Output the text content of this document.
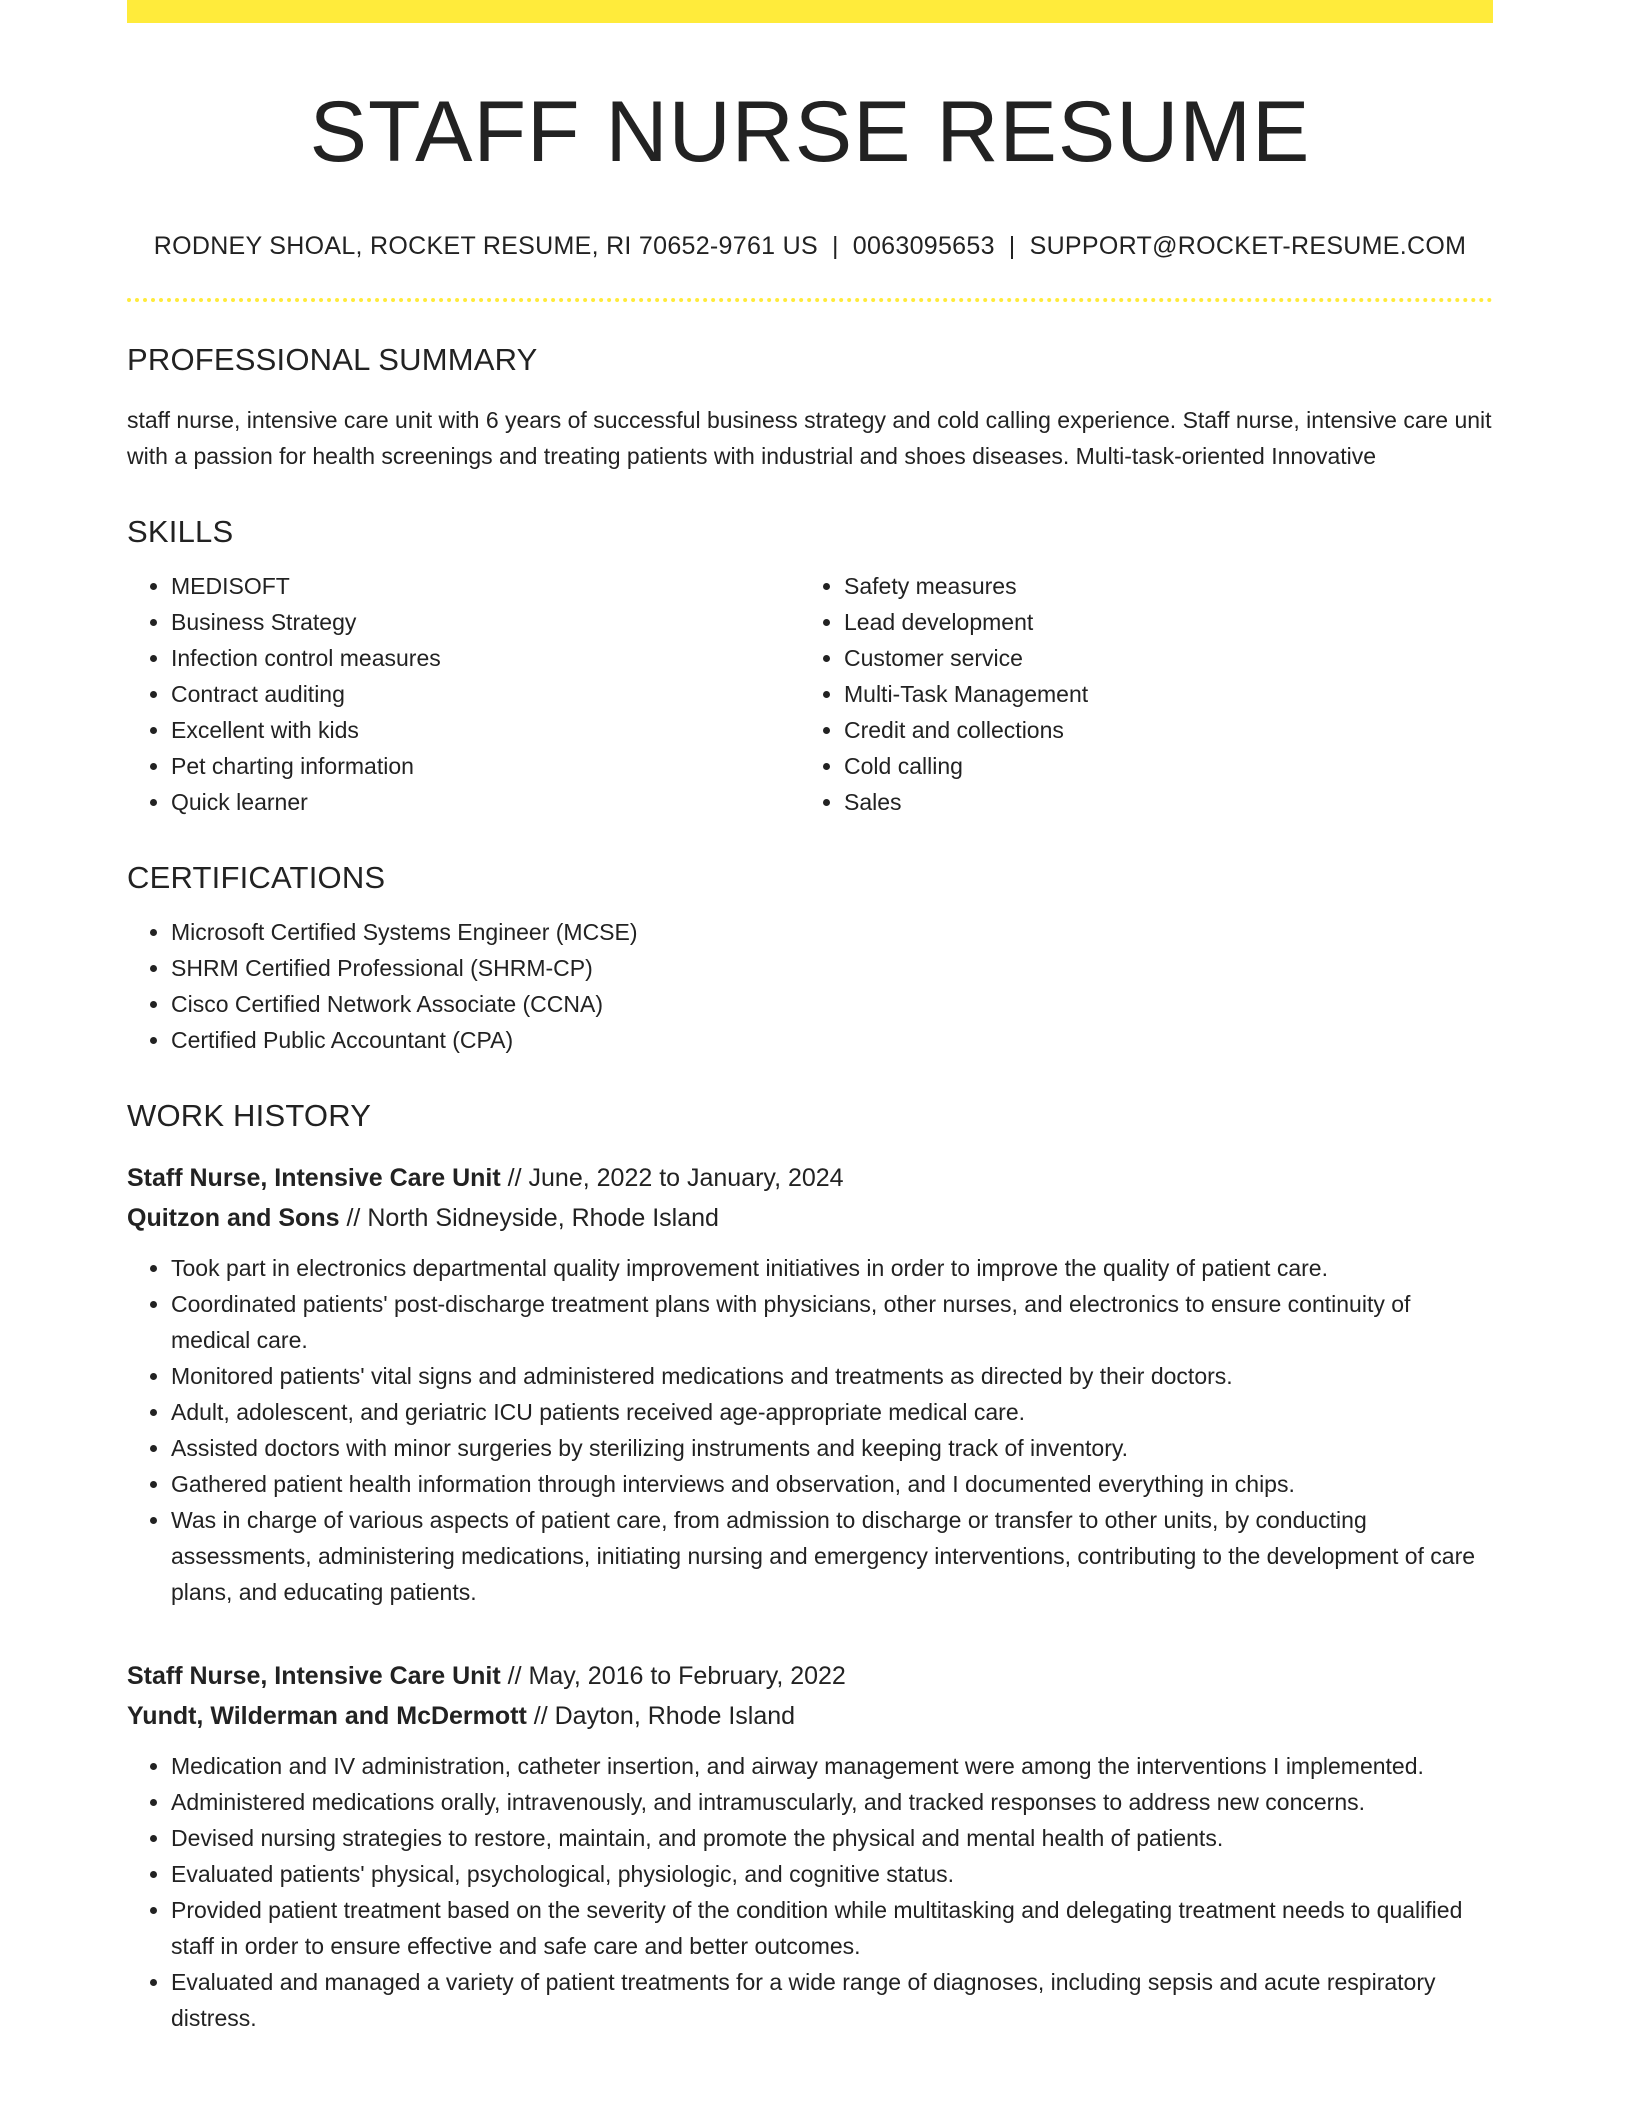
STAFF NURSE RESUME
RODNEY SHOAL, ROCKET RESUME, RI 70652-9761 US | 0063095653 | SUPPORT@ROCKET-RESUME.COM
PROFESSIONAL SUMMARY

staff nurse, intensive care unit with 6 years of successful business strategy and cold calling experience. Staff nurse, intensive care unit with a passion for health screenings and treating patients with industrial and shoes diseases. Multi-task-oriented Innovative

SKILLS
• MEDISOFT
• Business Strategy
• Infection control measures
• Contract auditing
• Excellent with kids
• Pet charting information
• Quick learner
• Safety measures
• Lead development
• Customer service
• Multi-Task Management
• Credit and collections
• Cold calling
• Sales
CERTIFICATIONS
• Microsoft Certified Systems Engineer (MCSE)
• SHRM Certified Professional (SHRM-CP)
• Cisco Certified Network Associate (CCNA)
• Certified Public Accountant (CPA)
WORK HISTORY
Staff Nurse, Intensive Care Unit // June, 2022 to January, 2024
Quitzon and Sons // North Sidneyside, Rhode Island
• Took part in electronics departmental quality improvement initiatives in order to improve the quality of patient care.
• Coordinated patients' post-discharge treatment plans with physicians, other nurses, and electronics to ensure continuity of medical care.
• Monitored patients' vital signs and administered medications and treatments as directed by their doctors.
• Adult, adolescent, and geriatric ICU patients received age-appropriate medical care.
• Assisted doctors with minor surgeries by sterilizing instruments and keeping track of inventory.
• Gathered patient health information through interviews and observation, and I documented everything in chips.
• Was in charge of various aspects of patient care, from admission to discharge or transfer to other units, by conducting assessments, administering medications, initiating nursing and emergency interventions, contributing to the development of care plans, and educating patients.
Staff Nurse, Intensive Care Unit // May, 2016 to February, 2022
Yundt, Wilderman and McDermott // Dayton, Rhode Island
• Medication and IV administration, catheter insertion, and airway management were among the interventions I implemented.
• Administered medications orally, intravenously, and intramuscularly, and tracked responses to address new concerns.
• Devised nursing strategies to restore, maintain, and promote the physical and mental health of patients.
• Evaluated patients' physical, psychological, physiologic, and cognitive status.
• Provided patient treatment based on the severity of the condition while multitasking and delegating treatment needs to qualified staff in order to ensure effective and safe care and better outcomes.
• Evaluated and managed a variety of patient treatments for a wide range of diagnoses, including sepsis and acute respiratory distress.
